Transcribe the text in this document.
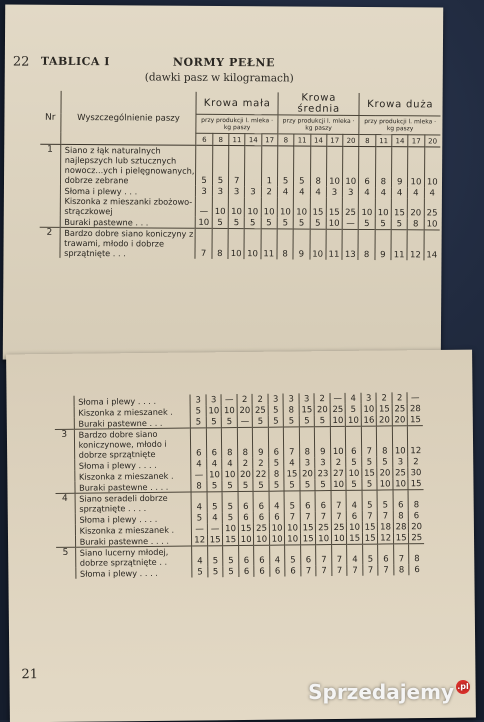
22 TABLICA I	NORMY PEŁNE
(dawki pasz w kilogramach)
Nr	Wyszczególnienie paszy	Krowa mała					Krowa średnia					Krowa duża				
		przy produkcji l. mleka · kg paszy					przy produkcji l. mleka · kg paszy					przy produkcji l. mleka · kg paszy				
		6	8	11	14	17	8	11	14	17	20	8	11	14	17	20
1	Siano z łąk naturalnych najlepszych lub sztucznych nowocz...ych i pielęgnowanych, dobrze zebrane	5	5	7		1	5	5	8	10	10	6	8	9	10	10
	Słoma i plewy . . .	3	3	3	3	2	4	4	4	3	3	4	4	4	4	4
	Kiszonka z mieszanki zbożowo-strączkowej	—	10	10	10	10	10	10	15	15	25	10	10	15	20	25
	Buraki pastewne . . .	10	5	5	5	5	5	5	5	10	—	5	5	5	8	10
2	Bardzo dobre siano koniczyny z trawami, młodo i dobrze sprzątnięte . . .	7	8	10	10	11	8	9	10	11	13	8	9	11	12	14
	Słoma i plewy . . . .	3	3	—	2	2	3	3	3	2	—	4	3	2	2	—
	Kiszonka z mieszanek .	5	10	10	20	25	5	8	15	20	25	5	10	15	25	28
	Buraki pastewne . . .	5	5	5	—	5	5	5	5	5	10	10	16	20	20	15
3	Bardzo dobre siano koniczynowe, młodo i dobrze sprzątnięte	6	6	8	8	9	6	7	8	9	10	6	7	8	10	12
	Słoma i plewy . . . .	4	4	4	2	2	5	4	3	3	2	5	5	5	3	2
	Kiszonka z mieszanek .	—	10	10	20	22	8	15	20	23	27	10	15	20	25	30
	Buraki pastewne . . . .	8	5	5	5	5	5	5	5	5	10	5	5	10	10	15
4	Siano seradeli dobrze sprzątnięte . . . .	4	5	5	6	6	4	5	6	6	7	4	5	5	6	8
	Słoma i plewy . . . .	5	4	5	6	6	6	7	7	7	7	6	7	7	8	6
	Kiszonka z mieszanek .	—	—	10	15	25	10	10	15	25	25	10	15	18	28	20
	Buraki pastewne . . . .	12	15	15	10	10	10	10	15	10	10	15	15	12	15	25
5	Siano lucerny młodej, dobrze sprzątnięte . .	4	5	5	6	6	4	5	6	7	7	4	5	6	7	8
	Słoma i plewy . . . .	5	5	5	6	6	6	6	7	7	7	7	7	7	8	6
21
Sprzedajemy .pl
